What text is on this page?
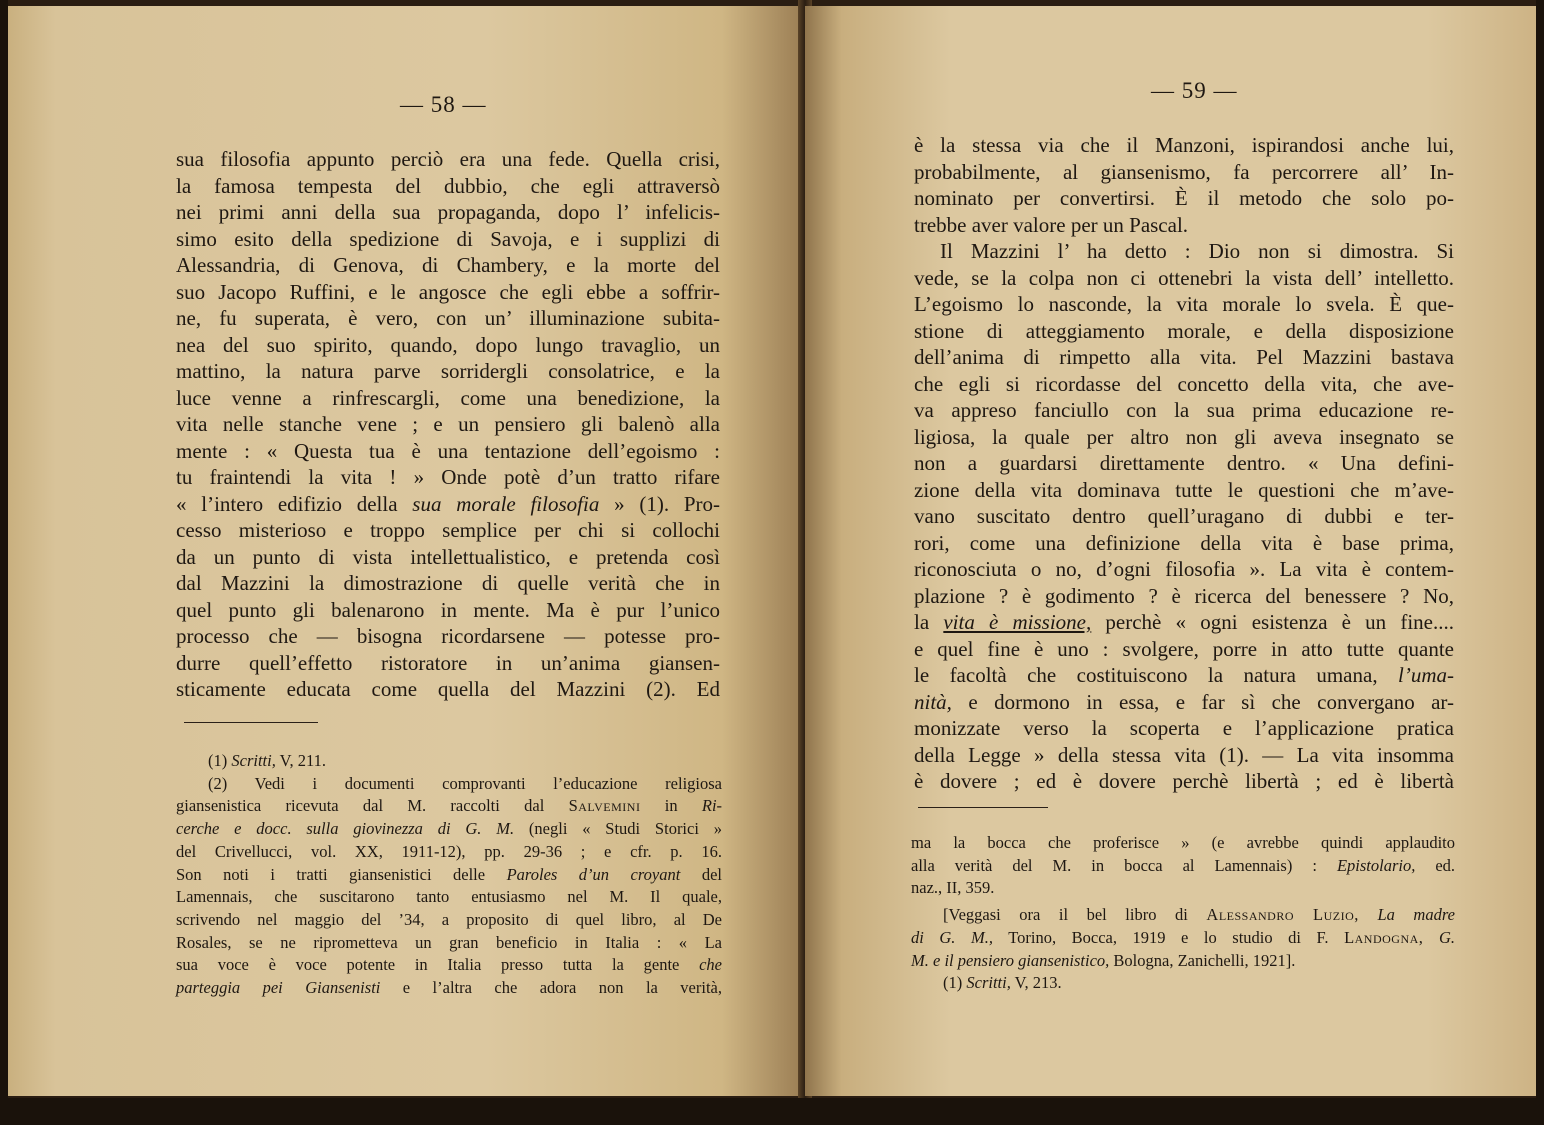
— 58 —
sua filosofia appunto perciò era una fede. Quella crisi,
la famosa tempesta del dubbio, che egli attraversò
nei primi anni della sua propaganda, dopo l’ infelicis-
simo esito della spedizione di Savoja, e i supplizi di
Alessandria, di Genova, di Chambery, e la morte del
suo Jacopo Ruffini, e le angosce che egli ebbe a soffrir-
ne, fu superata, è vero, con un’ illuminazione subita-
nea del suo spirito, quando, dopo lungo travaglio, un
mattino, la natura parve sorridergli consolatrice, e la
luce venne a rinfrescargli, come una benedizione, la
vita nelle stanche vene ; e un pensiero gli balenò alla
mente : « Questa tua è una tentazione dell’egoismo :
tu fraintendi la vita ! » Onde potè d’un tratto rifare
« l’intero edifizio della sua morale filosofia » (1). Pro-
cesso misterioso e troppo semplice per chi si collochi
da un punto di vista intellettualistico, e pretenda così
dal Mazzini la dimostrazione di quelle verità che in
quel punto gli balenarono in mente. Ma è pur l’unico
processo che — bisogna ricordarsene — potesse pro-
durre quell’effetto ristoratore in un’anima giansen-
sticamente educata come quella del Mazzini (2). Ed
(1) Scritti, V, 211.
(2) Vedi i documenti comprovanti l’educazione religiosa
giansenistica ricevuta dal M. raccolti dal Salvemini in Ri-
cerche e docc. sulla giovinezza di G. M. (negli « Studi Storici »
del Crivellucci, vol. XX, 1911-12), pp. 29-36 ; e cfr. p. 16.
Son noti i tratti giansenistici delle Paroles d’un croyant del
Lamennais, che suscitarono tanto entusiasmo nel M. Il quale,
scrivendo nel maggio del ’34, a proposito di quel libro, al De
Rosales, se ne riprometteva un gran beneficio in Italia : « La
sua voce è voce potente in Italia presso tutta la gente che
parteggia pei Giansenisti e l’altra che adora non la verità,
— 59 —
è la stessa via che il Manzoni, ispirandosi anche lui,
probabilmente, al giansenismo, fa percorrere all’ In-
nominato per convertirsi. È il metodo che solo po-
trebbe aver valore per un Pascal.
Il Mazzini l’ ha detto : Dio non si dimostra. Si
vede, se la colpa non ci ottenebri la vista dell’ intelletto.
L’egoismo lo nasconde, la vita morale lo svela. È que-
stione di atteggiamento morale, e della disposizione
dell’anima di rimpetto alla vita. Pel Mazzini bastava
che egli si ricordasse del concetto della vita, che ave-
va appreso fanciullo con la sua prima educazione re-
ligiosa, la quale per altro non gli aveva insegnato se
non a guardarsi direttamente dentro. « Una defini-
zione della vita dominava tutte le questioni che m’ave-
vano suscitato dentro quell’uragano di dubbi e ter-
rori, come una definizione della vita è base prima,
riconosciuta o no, d’ogni filosofia ». La vita è contem-
plazione ? è godimento ? è ricerca del benessere ? No,
la vita è missione, perchè « ogni esistenza è un fine....
e quel fine è uno : svolgere, porre in atto tutte quante
le facoltà che costituiscono la natura umana, l’uma-
nità, e dormono in essa, e far sì che convergano ar-
monizzate verso la scoperta e l’applicazione pratica
della Legge » della stessa vita (1). — La vita insomma
è dovere ; ed è dovere perchè libertà ; ed è libertà
ma la bocca che proferisce » (e avrebbe quindi applaudito
alla verità del M. in bocca al Lamennais) : Epistolario, ed.
naz., II, 359.
[Veggasi ora il bel libro di Alessandro Luzio, La madre
di G. M., Torino, Bocca, 1919 e lo studio di F. Landogna, G.
M. e il pensiero giansenistico, Bologna, Zanichelli, 1921].
(1) Scritti, V, 213.
